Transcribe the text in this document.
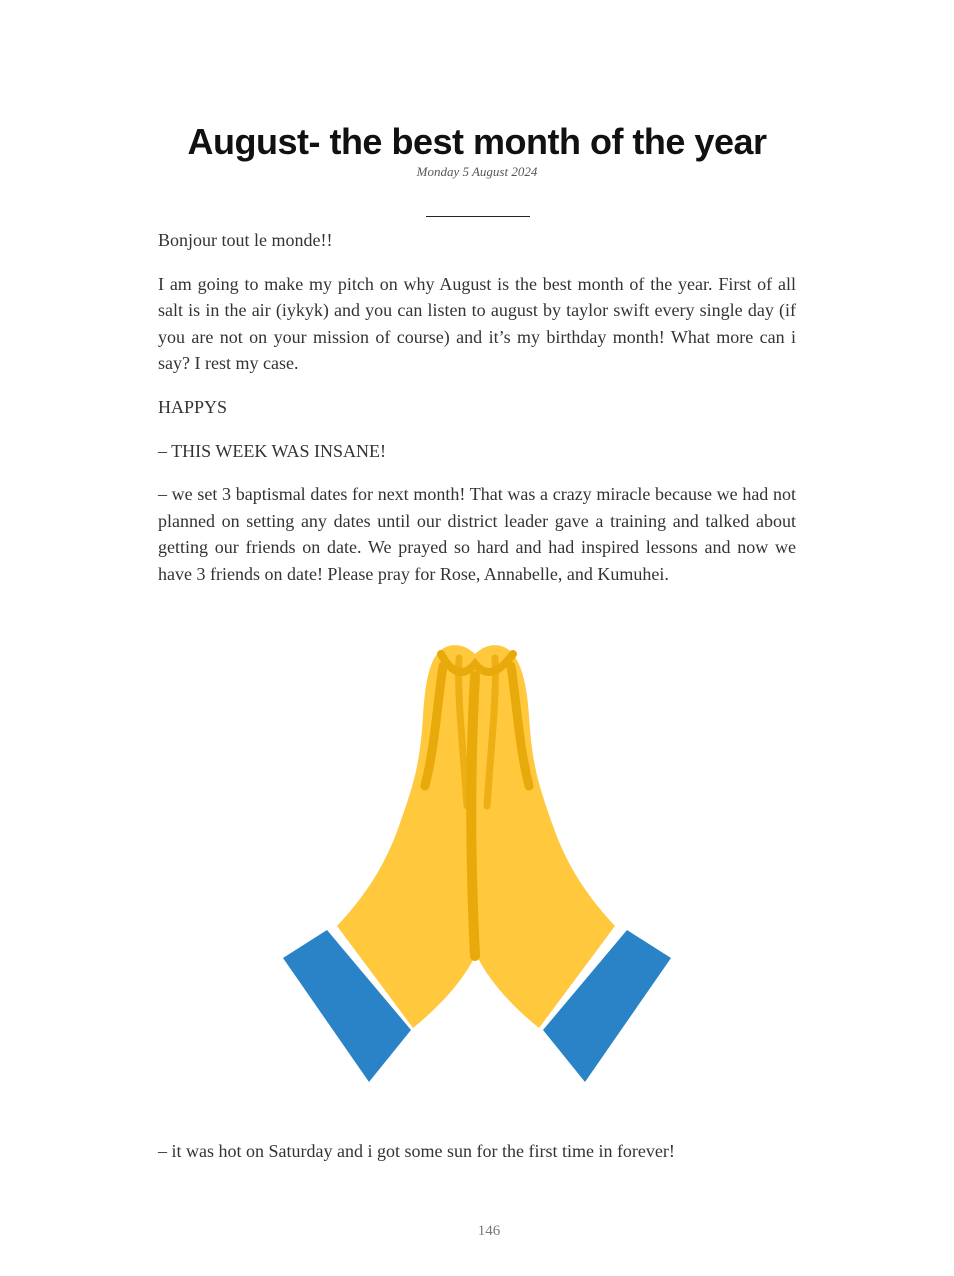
August- the best month of the year
Monday 5 August 2024

Bonjour tout le monde!!

I am going to make my pitch on why August is the best month of the year. First of all salt is in the air (iykyk) and you can listen to august by taylor swift every single day (if you are not on your mission of course) and it’s my birthday month! What more can i say? I rest my case.

HAPPYS

– THIS WEEK WAS INSANE!

– we set 3 baptismal dates for next month! That was a crazy miracle because we had not planned on setting any dates until our district leader gave a training and talked about getting our friends on date. We prayed so hard and had inspired lessons and now we have 3 friends on date! Please pray for Rose, Annabelle, and Kumuhei.

– it was hot on Saturday and i got some sun for the first time in forever!

146
